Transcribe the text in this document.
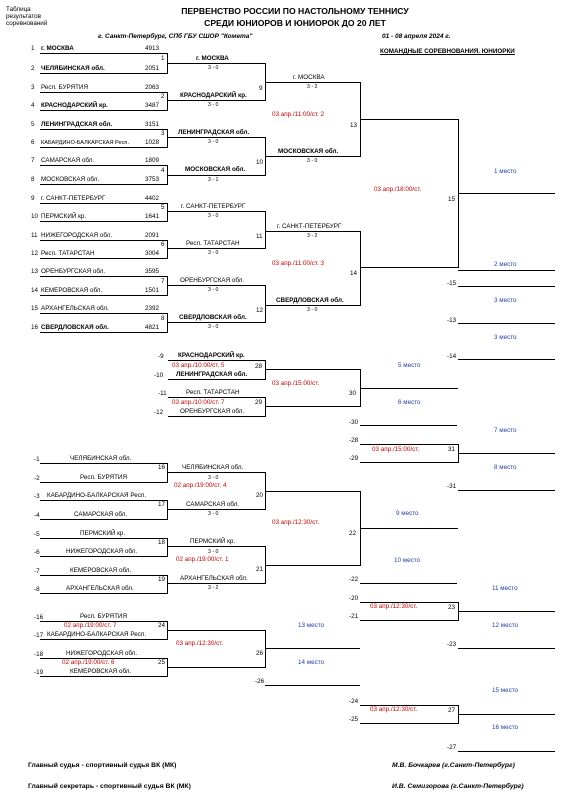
Таблица
результатов
соревнований
ПЕРВЕНСТВО РОССИИ ПО НАСТОЛЬНОМУ ТЕННИСУ
СРЕДИ ЮНИОРОВ И ЮНИОРОК ДО 20 ЛЕТ
г. Санкт-Петербург, СПб ГБУ СШОР "Комета"	01 - 08 апреля 2024 г.
КОМАНДНЫЕ СОРЕВНОВАНИЯ. ЮНИОРКИ
1	г. МОСКВА	4913
2 ЧЕЛЯБИНСКАЯ обл.	2051
3 Респ. БУРЯТИЯ	2063
4 КРАСНОДАРСКИЙ кр.	3487
5 ЛЕНИНГРАДСКАЯ обл.	3151
6 КАБАРДИНО-БАЛКАРСКАЯ Респ.	1028
7 САМАРСКАЯ обл.	1809
8 МОСКОВСКАЯ обл.	3753
9 г. САНКТ-ПЕТЕРБУРГ	4402
10 ПЕРМСКИЙ кр.	1641
11 НИЖЕГОРОДСКАЯ обл.	2091
12 Респ. ТАТАРСТАН	3004
13 ОРЕНБУРГСКАЯ обл.	3595
14 КЕМЕРОВСКАЯ обл.	1501
15 АРХАНГЕЛЬСКАЯ обл.	2392
16 СВЕРДЛОВСКАЯ обл.	4821
1
2
3
4
5
6
7
8
г. МОСКВА
3 - 0
КРАСНОДАРСКИЙ кр.
3 - 0
ЛЕНИНГРАДСКАЯ обл.
3 - 0
МОСКОВСКАЯ обл.
3 - 1
г. САНКТ-ПЕТЕРБУРГ
3 - 0
Респ. ТАТАРСТАН
3 - 0
ОРЕНБУРГСКАЯ обл.
3 - 0
СВЕРДЛОВСКАЯ обл.
3 - 0
9
10
11
12
г. МОСКВА
3 - 2
МОСКОВСКАЯ обл.
3 - 0
г. САНКТ-ПЕТЕРБУРГ
3 - 2
СВЕРДЛОВСКАЯ обл.
3 - 0
03 апр./11:00/ст. 2
03 апр./11:00/ст. 3
13
14
03 апр./18:00/ст.
15
1 место
2 место
-15
3 место
-13
3 место
-14
-9 КРАСНОДАРСКИЙ кр.
03 апр./10:00/ст. 5	28
-10 ЛЕНИНГРАДСКАЯ обл.
-11	Респ. ТАТАРСТАН
03 апр./10:00/ст. 7	29
-12	ОРЕНБУРГСКАЯ обл.
03 апр./15:00/ст.
30
5 место
6 место
-30
7 место
-28
03 апр./15:00/ст.	31
-29
8 место
-31
-1	ЧЕЛЯБИНСКАЯ обл.
-2	Респ. БУРЯТИЯ
16
-3 КАБАРДИНО-БАЛКАРСКАЯ Респ.
-4	САМАРСКАЯ обл.
17
-5	ПЕРМСКИЙ кр.
-6	НИЖЕГОРОДСКАЯ обл.
18
-7	КЕМЕРОВСКАЯ обл.
-8	АРХАНГЕЛЬСКАЯ обл.
19
ЧЕЛЯБИНСКАЯ обл.
3 - 0
02 апр./19:00/ст. 4
САМАРСКАЯ обл.
3 - 0
20
ПЕРМСКИЙ кр.
3 - 0
02 апр./19:00/ст. 1
АРХАНГЕЛЬСКАЯ обл.
3 - 2
21
03 апр./12:30/ст.
22
9 место
10 место
-22
11 место
-20
03 апр./12:30/ст.	23
-21
12 место
-23
-16	Респ. БУРЯТИЯ
02 апр./19:00/ст. 7	24
-17 КАБАРДИНО-БАЛКАРСКАЯ Респ.
-18	НИЖЕГОРОДСКАЯ обл.
02 апр./19:00/ст. 6	25
-19	КЕМЕРОВСКАЯ обл.
03 апр./12:30/ст.
26
13 место
14 место
-26
15 место
-24
03 апр./12:30/ст.	27
-25
16 место
-27
Главный судья - спортивный судья ВК (МК)	М.В. Бочкарев (г.Санкт-Петербург)
Главный секретарь - спортивный судья ВК (МК)	И.В. Семизорова (г.Санкт-Петербург)
